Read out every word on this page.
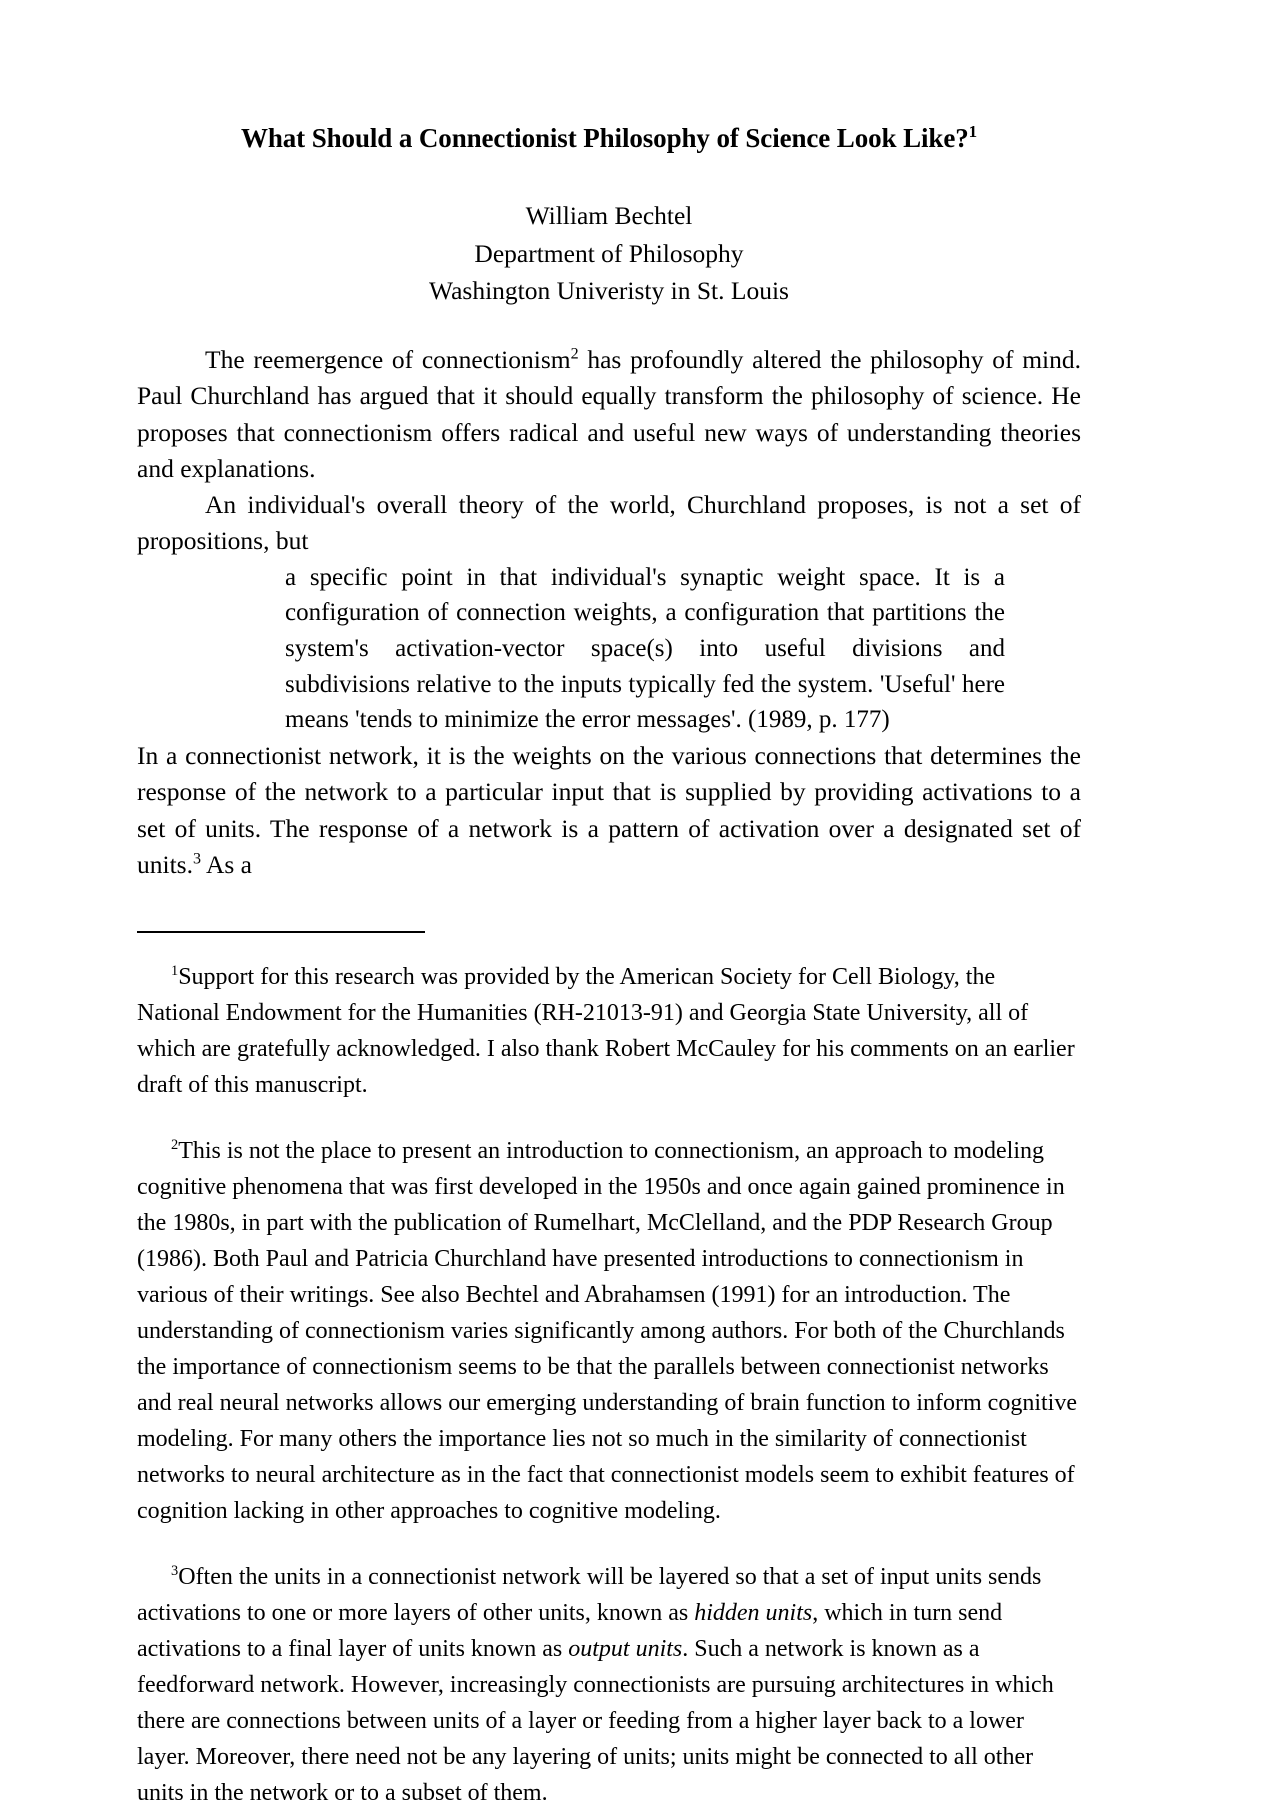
What Should a Connectionist Philosophy of Science Look Like?$^1$
William Bechtel
Department of Philosophy
Washington Univeristy in St. Louis

The reemergence of connectionism$^2$ has profoundly altered the philosophy of mind. Paul Churchland has argued that it should equally transform the philosophy of science. He proposes that connectionism offers radical and useful new ways of understanding theories and explanations.

An individual's overall theory of the world, Churchland proposes, is not a set of propositions, but

a specific point in that individual's synaptic weight space. It is a configuration of connection weights, a configuration that partitions the system's activation-vector space(s) into useful divisions and subdivisions relative to the inputs typically fed the system. 'Useful' here means 'tends to minimize the error messages'. (1989, p. 177)

In a connectionist network, it is the weights on the various connections that determines the response of the network to a particular input that is supplied by providing activations to a set of units. The response of a network is a pattern of activation over a designated set of units.$^3$ As a

$^1$Support for this research was provided by the American Society for Cell Biology, the National Endowment for the Humanities (RH-21013-91) and Georgia State University, all of which are gratefully acknowledged. I also thank Robert McCauley for his comments on an earlier draft of this manuscript.

$^2$This is not the place to present an introduction to connectionism, an approach to modeling cognitive phenomena that was first developed in the 1950s and once again gained prominence in the 1980s, in part with the publication of Rumelhart, McClelland, and the PDP Research Group (1986). Both Paul and Patricia Churchland have presented introductions to connectionism in various of their writings. See also Bechtel and Abrahamsen (1991) for an introduction. The understanding of connectionism varies significantly among authors. For both of the Churchlands the importance of connectionism seems to be that the parallels between connectionist networks and real neural networks allows our emerging understanding of brain function to inform cognitive modeling. For many others the importance lies not so much in the similarity of connectionist networks to neural architecture as in the fact that connectionist models seem to exhibit features of cognition lacking in other approaches to cognitive modeling.

$^3$Often the units in a connectionist network will be layered so that a set of input units sends activations to one or more layers of other units, known as hidden units, which in turn send activations to a final layer of units known as output units. Such a network is known as a feedforward network. However, increasingly connectionists are pursuing architectures in which there are connections between units of a layer or feeding from a higher layer back to a lower layer. Moreover, there need not be any layering of units; units might be connected to all other units in the network or to a subset of them.
